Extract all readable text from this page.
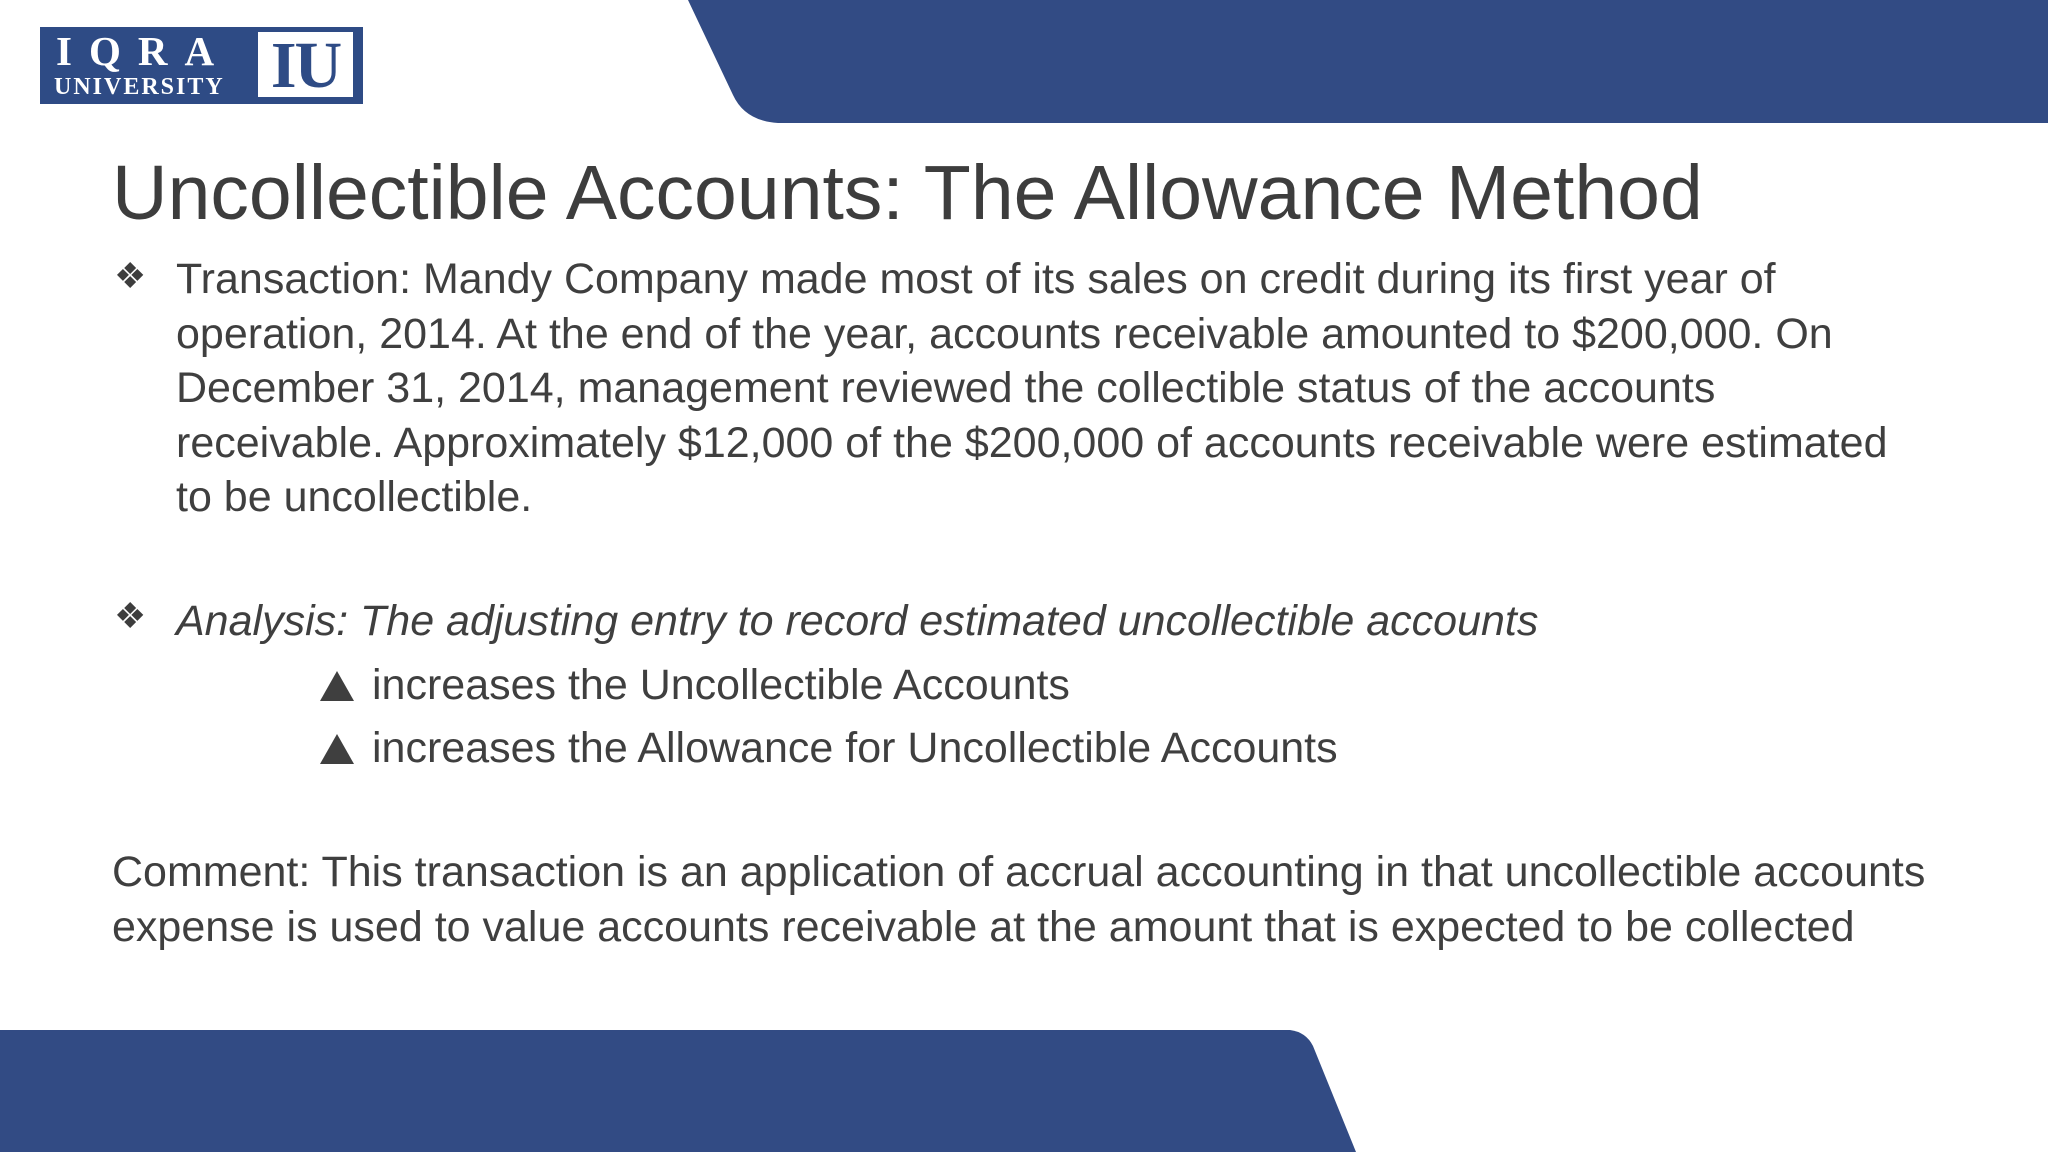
IQRA
UNIVERSITY IU
Uncollectible Accounts: The Allowance Method
❖ Transaction: Mandy Company made most of its sales on credit during its first year of operation, 2014. At the end of the year, accounts receivable amounted to $200,000. On December 31, 2014, management reviewed the collectible status of the accounts receivable. Approximately $12,000 of the $200,000 of accounts receivable were estimated to be uncollectible.
❖ Analysis: The adjusting entry to record estimated uncollectible accounts
increases the Uncollectible Accounts
increases the Allowance for Uncollectible Accounts
Comment: This transaction is an application of accrual accounting in that uncollectible accounts expense is used to value accounts receivable at the amount that is expected to be collected
